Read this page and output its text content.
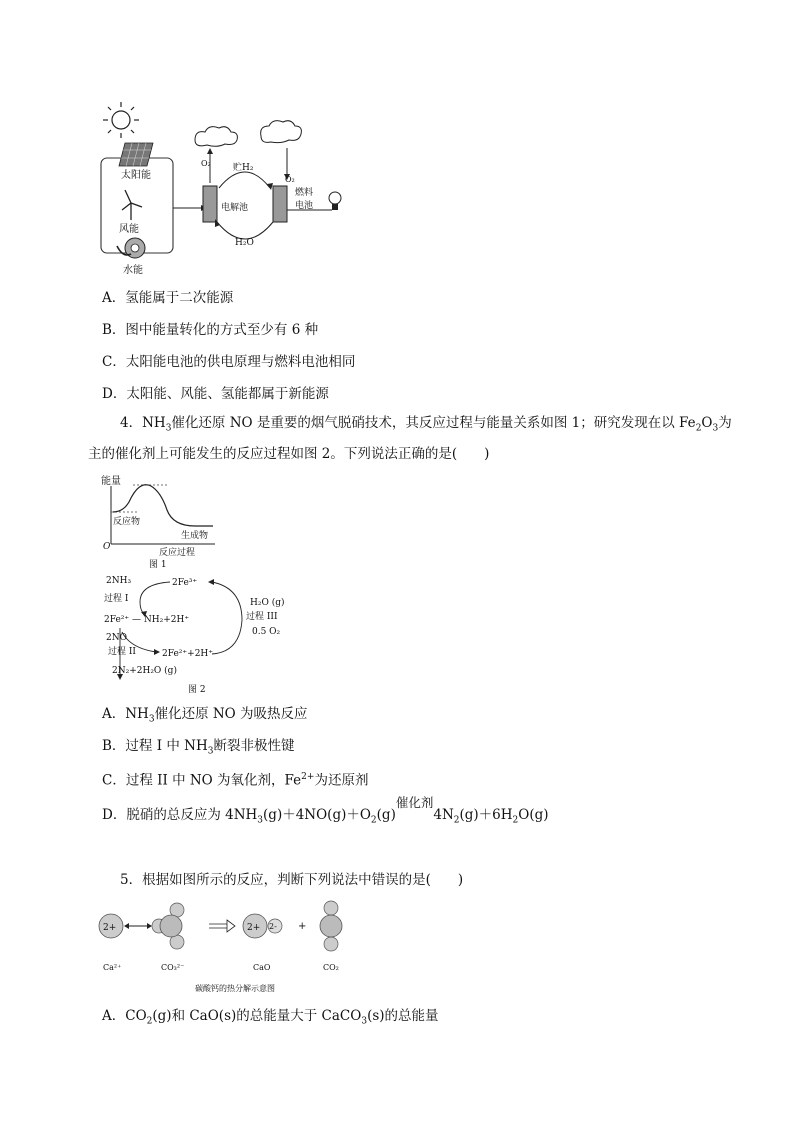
太阳能
风能
水能
O₂
电解池
贮H₂
H₂O
O₂
燃料
电池
A．氢能属于二次能源
B．图中能量转化的方式至少有 6 种
C．太阳能电池的供电原理与燃料电池相同
D．太阳能、风能、氢能都属于新能源
4．$NH_3$催化还原 NO 是重要的烟气脱硝技术，其反应过程与能量关系如图 1；研究发现在以 $Fe_2O_3$为
主的催化剂上可能发生的反应过程如图 2。下列说法正确的是(　　)
能量
反应物
生成物
O
反应过程
图 1
2NH₃	2Fe³⁺
过程 I
2Fe²⁺ — NH₂+2H⁺
2NO
过程 II	2Fe²⁺+2H⁺
2N₂+2H₂O (g)
H₂O (g)
过程 III
0.5 O₂
图 2
A．$NH_3$催化还原 NO 为吸热反应
B．过程 I 中 $NH_3$断裂非极性键
C．过程 II 中 NO 为氧化剂，$Fe^{2+}$为还原剂
D．脱硝的总反应为 $4NH_3(g)+4NO(g)+O_2(g)$催化剂$4N_2(g)+6H_2O(g)$
5．根据如图所示的反应，判断下列说法中错误的是(　　)
2+	2+ 2- +
Ca²⁺	CO₃²⁻	CaO	CO₂
碳酸钙的热分解示意图
A．$CO_2(g)$和 CaO(s)的总能量大于 CaCO$_3$(s)的总能量
